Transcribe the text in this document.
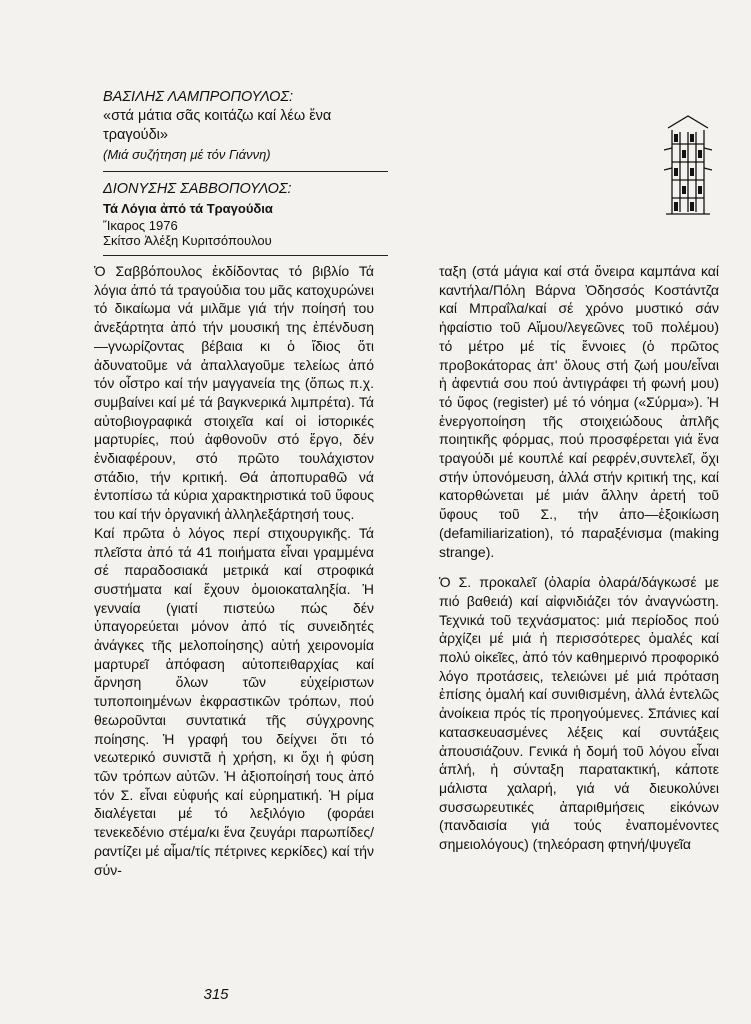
ΒΑΣΙΛΗΣ ΛΑΜΠΡΟΠΟΥΛΟΣ:

«στά μάτια σᾶς κοιτάζω καί λέω ἕνα τραγούδι»

(Μιά συζήτηση μέ τόν Γιάννη)

ΔΙΟΝΥΣΗΣ ΣΑΒΒΟΠΟΥΛΟΣ:

Τά Λόγια ἀπό τά Τραγούδια

Ἴκαρος 1976

Σκίτσο Ἀλέξη Κυριτσόπουλου

Ὁ Σαββόπουλος ἐκδίδοντας τό βιβλίο Τά λόγια ἀπό τά τραγούδια του μᾶς κατοχυρώνει τό δικαίωμα νά μιλᾶμε γιά τήν ποίησή του ἀνεξάρτητα ἀπό τήν μουσική της ἐπένδυση—γνωρίζοντας βέβαια κι ὁ ἴδιος ὅτι ἀδυνατοῦμε νά ἀπαλλαγοῦμε τελείως ἀπό τόν οἶστρο καί τήν μαγγανεία της (ὅπως π.χ. συμβαίνει καί μέ τά βαγκνερικά λιμπρέτα). Τά αὐτοβιογραφικά στοιχεῖα καί οἱ ἱστορικές μαρτυρίες, πού ἀφθονοῦν στό ἔργο, δέν ἐνδιαφέρουν, στό πρῶτο τουλάχιστον στάδιο, τήν κριτική. Θά ἀποπυραθῶ νά ἐντοπίσω τά κύρια χαρακτηριστικά τοῦ ὕφους του καί τήν ὀργανική ἀλληλεξάρτησή τους.

Καί πρῶτα ὁ λόγος περί στιχουργικῆς. Τά πλεῖστα ἀπό τά 41 ποιήματα εἶναι γραμμένα σέ παραδοσιακά μετρικά καί στροφικά συστήματα καί ἔχουν ὁμοιοκαταληξία. Ἡ γενναία (γιατί πιστεύω πώς δέν ὑπαγορεύεται μόνον ἀπό τίς συνειδητές ἀνάγκες τῆς μελοποίησης) αὐτή χειρονομία μαρτυρεῖ ἀπόφαση αὐτοπειθαρχίας καί ἄρνηση ὅλων τῶν εὐχείριστων τυποποιημένων ἐκφραστικῶν τρόπων, πού θεωροῦνται συντατικά τῆς σύγχρονης ποίησης. Ἡ γραφή του δείχνει ὅτι τό νεωτερικό συνιστᾶ ἡ χρήση, κι ὄχι ἡ φύση τῶν τρόπων αὐτῶν. Ἡ ἀξιοποίησή τους ἀπό τόν Σ. εἶναι εὐφυής καί εὐρηματική. Ἡ ρίμα διαλέγεται μέ τό λεξιλόγιο (φοράει τενεκεδένιο στέμα/κι ἕνα ζευγάρι παρωπίδες/ραντίζει μέ αἷμα/τίς πέτρινες κερκίδες) καί τήν σύν-

ταξη (στά μάγια καί στά ὄνειρα καμπάνα καί καντήλα/Πόλη Βάρνα Ὀδησσός Κοστάντζα καί Μπραΐλα/καί σέ χρόνο μυστικό σάν ἡφαίστιο τοῦ Αἴμου/λεγεῶνες τοῦ πολέμου) τό μέτρο μέ τίς ἔννοιες (ὁ πρῶτος προβοκάτορας ἀπ' ὅλους στή ζωή μου/εἶναι ἡ ἀφεντιά σου πού ἀντιγράφει τή φωνή μου) τό ὕφος (register) μέ τό νόημα («Σύρμα»). Ἡ ἐνεργοποίηση τῆς στοιχειώδους ἁπλῆς ποιητικῆς φόρμας, πού προσφέρεται γιά ἕνα τραγούδι μέ κουπλέ καί ρεφρέν,συντελεῖ, ὄχι στήν ὑπονόμευση, ἀλλά στήν κριτική της, καί κατορθώνεται μέ μιάν ἄλλην ἀρετή τοῦ ὕφους τοῦ Σ., τήν ἀπο—ἐξοικίωση (defamiliarization), τό παραξένισμα (making strange).

Ὁ Σ. προκαλεῖ (ὀλαρία ὀλαρά/δάγκωσέ με πιό βαθειά) καί αἰφνιδιάζει τόν ἀναγνώστη. Τεχνικά τοῦ τεχνάσματος: μιά περίοδος πού ἀρχίζει μέ μιά ἡ περισσότερες ὁμαλές καί πολύ οἰκεῖες, ἀπό τόν καθημερινό προφορικό λόγο προτάσεις, τελειώνει μέ μιά πρόταση ἐπίσης ὁμαλή καί συνιθισμένη, ἀλλά ἐντελῶς ἀνοίκεια πρός τίς προηγούμενες. Σπάνιες καί κατασκευασμένες λέξεις καί συντάξεις ἀπουσιάζουν. Γενικά ἡ δομή τοῦ λόγου εἶναι ἁπλή, ἡ σύνταξη παρατακτική, κάποτε μάλιστα χαλαρή, γιά νά διευκολύνει συσσωρευτικές ἀπαριθμήσεις εἰκόνων (πανδαισία γιά τούς ἐναπομένοντες σημειολόγους) (τηλεόραση φτηνή/ψυγεῖα

315
